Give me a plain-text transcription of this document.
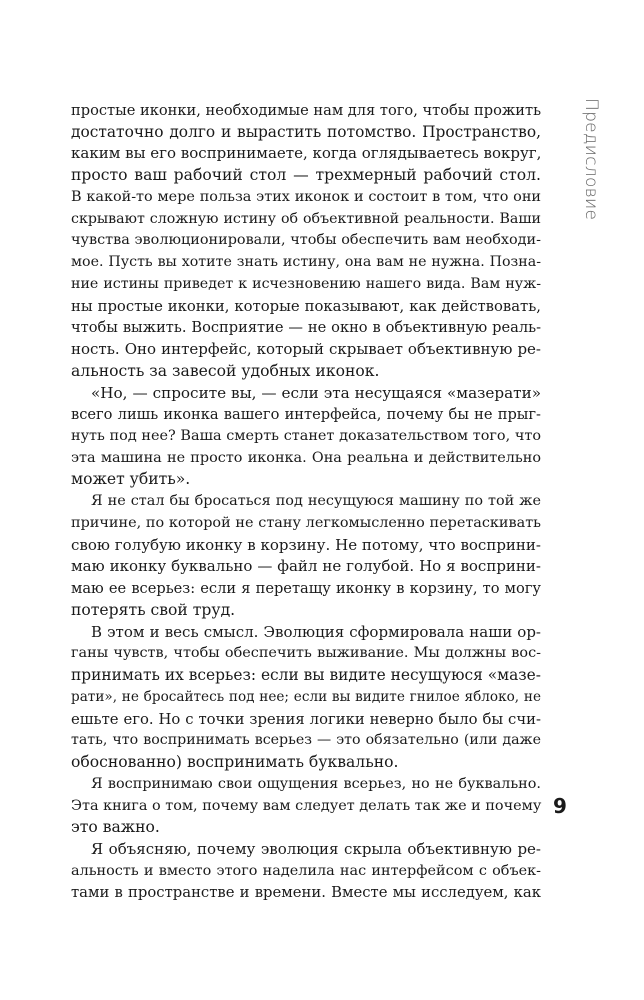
Предисловие
простые иконки, необходимые нам для того, чтобы прожить
достаточно долго и вырастить потомство. Пространство,
каким вы его воспринимаете, когда оглядываетесь вокруг,
просто ваш рабочий стол — трехмерный рабочий стол.
В какой-то мере польза этих иконок и состоит в том, что они
скрывают сложную истину об объективной реальности. Ваши
чувства эволюционировали, чтобы обеспечить вам необходи-
мое. Пусть вы хотите знать истину, она вам не нужна. Позна-
ние истины приведет к исчезновению нашего вида. Вам нуж-
ны простые иконки, которые показывают, как действовать,
чтобы выжить. Восприятие — не окно в объективную реаль-
ность. Оно интерфейс, который скрывает объективную ре-
альность за завесой удобных иконок.
«Но, — спросите вы, — если эта несущаяся «мазерати»
всего лишь иконка вашего интерфейса, почему бы не прыг-
нуть под нее? Ваша смерть станет доказательством того, что
эта машина не просто иконка. Она реальна и действительно
может убить».
Я не стал бы бросаться под несущуюся машину по той же
причине, по которой не стану легкомысленно перетаскивать
свою голубую иконку в корзину. Не потому, что восприни-
маю иконку буквально — файл не голубой. Но я восприни-
маю ее всерьез: если я перетащу иконку в корзину, то могу
потерять свой труд.
В этом и весь смысл. Эволюция сформировала наши ор-
ганы чувств, чтобы обеспечить выживание. Мы должны вос-
принимать их всерьез: если вы видите несущуюся «мазе-
рати», не бросайтесь под нее; если вы видите гнилое яблоко, не
ешьте его. Но с точки зрения логики неверно было бы счи-
тать, что воспринимать всерьез — это обязательно (или даже
обоснованно) воспринимать буквально.
Я воспринимаю свои ощущения всерьез, но не буквально.
Эта книга о том, почему вам следует делать так же и почему
это важно.
Я объясняю, почему эволюция скрыла объективную ре-
альность и вместо этого наделила нас интерфейсом с объек-
тами в пространстве и времени. Вместе мы исследуем, как
9
